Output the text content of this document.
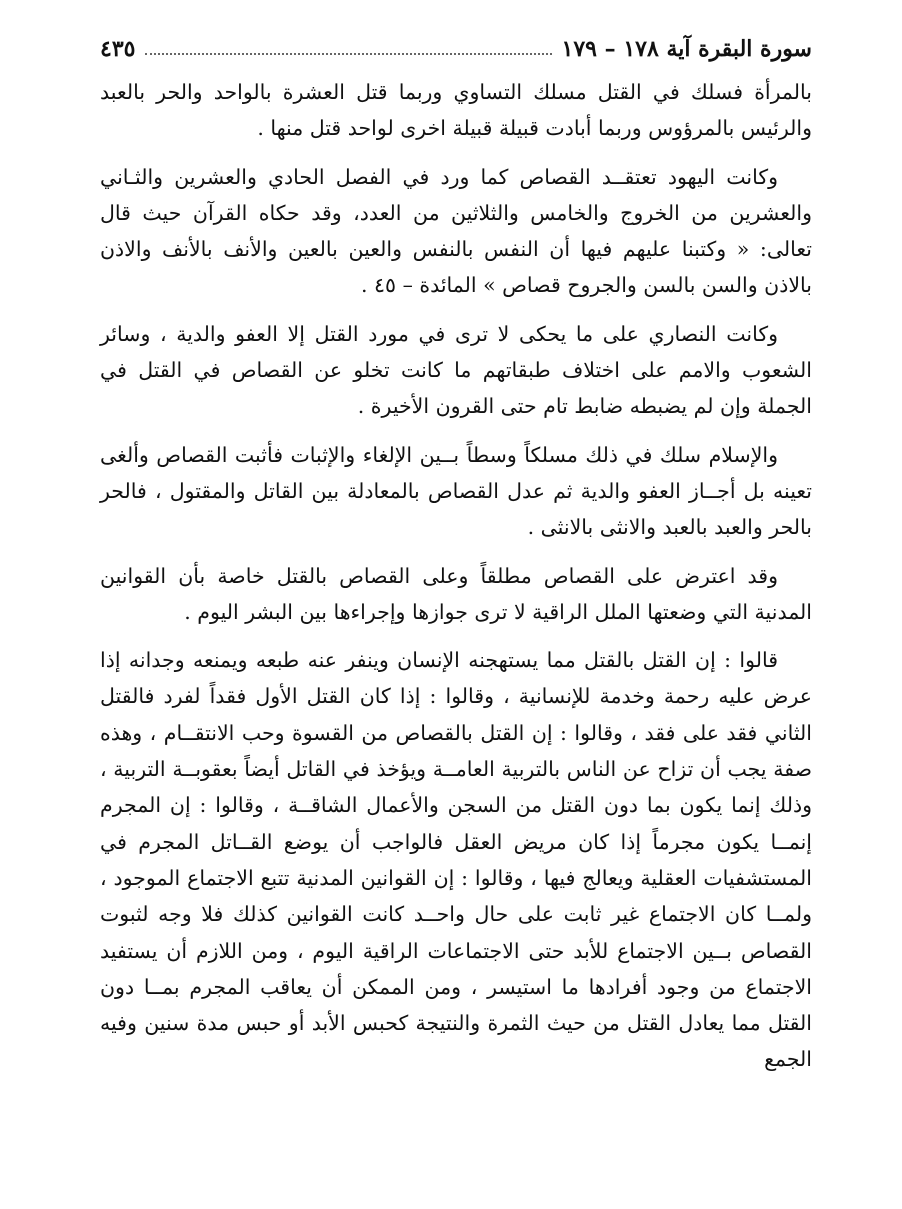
سورة البقرة آية ١٧٨ – ١٧٩
٤٣٥

بالمرأة فسلك في القتل مسلك التساوي وربما قتل العشرة بالواحد والحر بالعبد والرئيس بالمرؤوس وربما أبادت قبيلة قبيلة اخرى لواحد قتل منها .

وكانت اليهود تعتقــد القصاص كما ورد في الفصل الحادي والعشرين والثـاني والعشرين من الخروج والخامس والثلاثين من العدد، وقد حكاه القرآن حيث قال تعالى: « وكتبنا عليهم فيها أن النفس بالنفس والعين بالعين والأنف بالأنف والاذن بالاذن والسن بالسن والجروح قصاص » المائدة – ٤٥ .

وكانت النصاري على ما يحكى لا ترى في مورد القتل إلا العفو والدية ، وسائر الشعوب والامم على اختلاف طبقاتهم ما كانت تخلو عن القصاص في القتل في الجملة وإن لم يضبطه ضابط تام حتى القرون الأخيرة .

والإسلام سلك في ذلك مسلكاً وسطاً بــين الإلغاء والإثبات فأثبت القصاص وألغى تعينه بل أجــاز العفو والدية ثم عدل القصاص بالمعادلة بين القاتل والمقتول ، فالحر بالحر والعبد بالعبد والانثى بالانثى .

وقد اعترض على القصاص مطلقاً وعلى القصاص بالقتل خاصة بأن القوانين المدنية التي وضعتها الملل الراقية لا ترى جوازها وإجراءها بين البشر اليوم .

قالوا : إن القتل بالقتل مما يستهجنه الإنسان وينفر عنه طبعه ويمنعه وجدانه إذا عرض عليه رحمة وخدمة للإنسانية ، وقالوا : إذا كان القتل الأول فقداً لفرد فالقتل الثاني فقد على فقد ، وقالوا : إن القتل بالقصاص من القسوة وحب الانتقــام ، وهذه صفة يجب أن تزاح عن الناس بالتربية العامــة ويؤخذ في القاتل أيضاً بعقوبــة التربية ، وذلك إنما يكون بما دون القتل من السجن والأعمال الشاقــة ، وقالوا : إن المجرم إنمــا يكون مجرماً إذا كان مريض العقل فالواجب أن يوضع القــاتل المجرم في المستشفيات العقلية ويعالج فيها ، وقالوا : إن القوانين المدنية تتبع الاجتماع الموجود ، ولمــا كان الاجتماع غير ثابت على حال واحــد كانت القوانين كذلك فلا وجه لثبوت القصاص بــين الاجتماع للأبد حتى الاجتماعات الراقية اليوم ، ومن اللازم أن يستفيد الاجتماع من وجود أفرادها ما استيسر ، ومن الممكن أن يعاقب المجرم بمــا دون القتل مما يعادل القتل من حيث الثمرة والنتيجة كحبس الأبد أو حبس مدة سنين وفيه الجمع
